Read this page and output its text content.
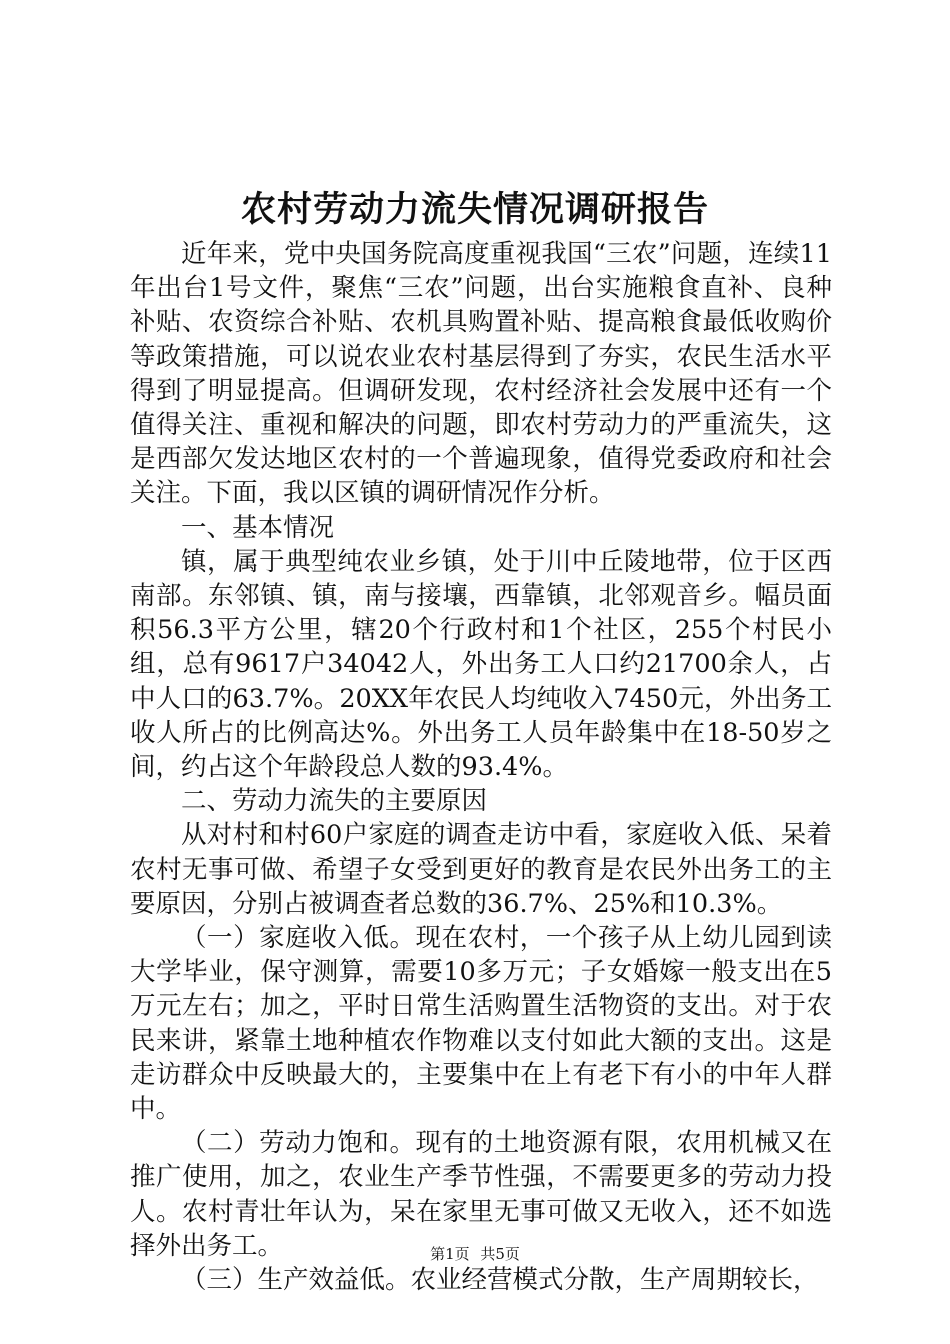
农村劳动力流失情况调研报告

近年来，党中央国务院高度重视我国“三农”问题，连续11年出台1号文件，聚焦“三农”问题，出台实施粮食直补、良种补贴、农资综合补贴、农机具购置补贴、提高粮食最低收购价等政策措施，可以说农业农村基层得到了夯实，农民生活水平得到了明显提高。但调研发现，农村经济社会发展中还有一个值得关注、重视和解决的问题，即农村劳动力的严重流失，这是西部欠发达地区农村的一个普遍现象，值得党委政府和社会关注。下面，我以区镇的调研情况作分析。

一、基本情况

镇，属于典型纯农业乡镇，处于川中丘陵地带，位于区西南部。东邻镇、镇，南与接壤，西靠镇，北邻观音乡。幅员面积56.3平方公里，辖20个行政村和1个社区，255个村民小组，总有9617户34042人，外出务工人口约21700余人，占中人口的63.7%。20XX年农民人均纯收入7450元，外出务工收人所占的比例高达%。外出务工人员年龄集中在18-50岁之间，约占这个年龄段总人数的93.4%。

二、劳动力流失的主要原因

从对村和村60户家庭的调查走访中看，家庭收入低、呆着农村无事可做、希望子女受到更好的教育是农民外出务工的主要原因，分别占被调查者总数的36.7%、25%和10.3%。

（一）家庭收入低。现在农村，一个孩子从上幼儿园到读大学毕业，保守测算，需要10多万元；子女婚嫁一般支出在5万元左右；加之，平时日常生活购置生活物资的支出。对于农民来讲，紧靠土地种植农作物难以支付如此大额的支出。这是走访群众中反映最大的，主要集中在上有老下有小的中年人群中。

（二）劳动力饱和。现有的土地资源有限，农用机械又在推广使用，加之，农业生产季节性强，不需要更多的劳动力投人。农村青壮年认为，呆在家里无事可做又无收入，还不如选择外出务工。

（三）生产效益低。农业经营模式分散，生产周期较长，

第1页 共5页
